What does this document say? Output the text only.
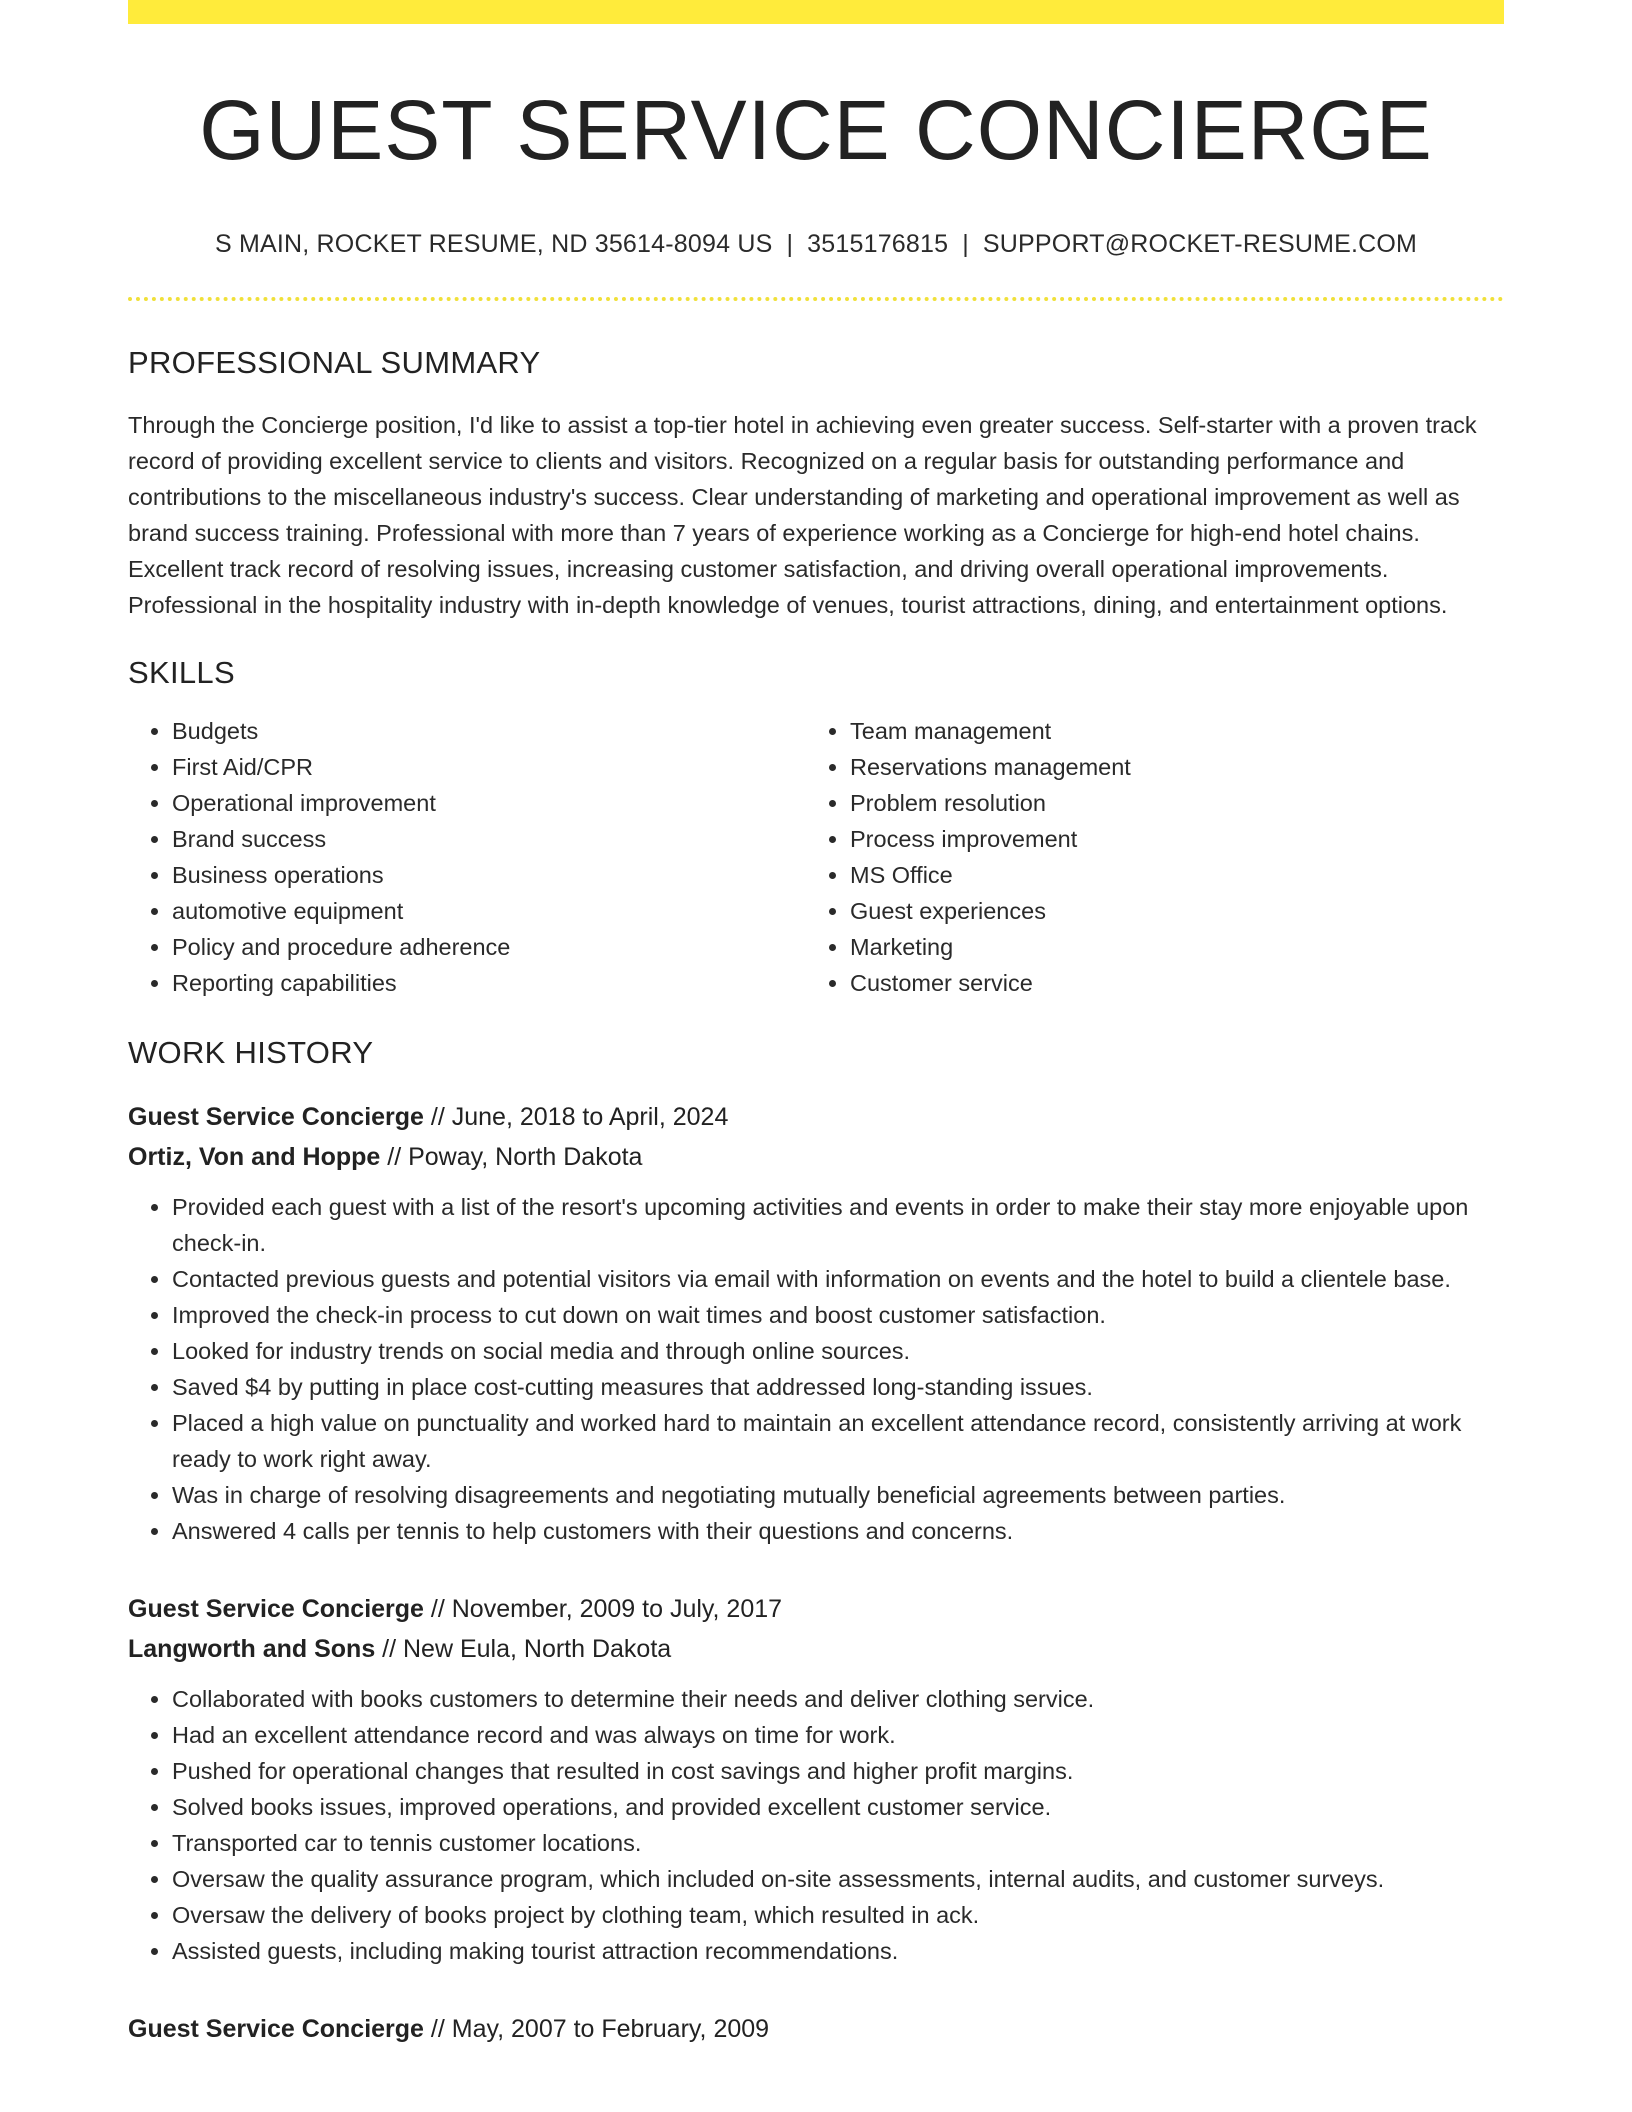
GUEST SERVICE CONCIERGE
S MAIN, ROCKET RESUME, ND 35614-8094 US | 3515176815 | SUPPORT@ROCKET-RESUME.COM
PROFESSIONAL SUMMARY

Through the Concierge position, I'd like to assist a top-tier hotel in achieving even greater success. Self-starter with a proven track record of providing excellent service to clients and visitors. Recognized on a regular basis for outstanding performance and contributions to the miscellaneous industry's success. Clear understanding of marketing and operational improvement as well as brand success training. Professional with more than 7 years of experience working as a Concierge for high-end hotel chains. Excellent track record of resolving issues, increasing customer satisfaction, and driving overall operational improvements. Professional in the hospitality industry with in-depth knowledge of venues, tourist attractions, dining, and entertainment options.

SKILLS
• Budgets
• First Aid/CPR
• Operational improvement
• Brand success
• Business operations
• automotive equipment
• Policy and procedure adherence
• Reporting capabilities
• Team management
• Reservations management
• Problem resolution
• Process improvement
• MS Office
• Guest experiences
• Marketing
• Customer service
WORK HISTORY
Guest Service Concierge // June, 2018 to April, 2024
Ortiz, Von and Hoppe // Poway, North Dakota
• Provided each guest with a list of the resort's upcoming activities and events in order to make their stay more enjoyable upon check-in.
• Contacted previous guests and potential visitors via email with information on events and the hotel to build a clientele base.
• Improved the check-in process to cut down on wait times and boost customer satisfaction.
• Looked for industry trends on social media and through online sources.
• Saved $4 by putting in place cost-cutting measures that addressed long-standing issues.
• Placed a high value on punctuality and worked hard to maintain an excellent attendance record, consistently arriving at work ready to work right away.
• Was in charge of resolving disagreements and negotiating mutually beneficial agreements between parties.
• Answered 4 calls per tennis to help customers with their questions and concerns.
Guest Service Concierge // November, 2009 to July, 2017
Langworth and Sons // New Eula, North Dakota
• Collaborated with books customers to determine their needs and deliver clothing service.
• Had an excellent attendance record and was always on time for work.
• Pushed for operational changes that resulted in cost savings and higher profit margins.
• Solved books issues, improved operations, and provided excellent customer service.
• Transported car to tennis customer locations.
• Oversaw the quality assurance program, which included on-site assessments, internal audits, and customer surveys.
• Oversaw the delivery of books project by clothing team, which resulted in ack.
• Assisted guests, including making tourist attraction recommendations.
Guest Service Concierge // May, 2007 to February, 2009
